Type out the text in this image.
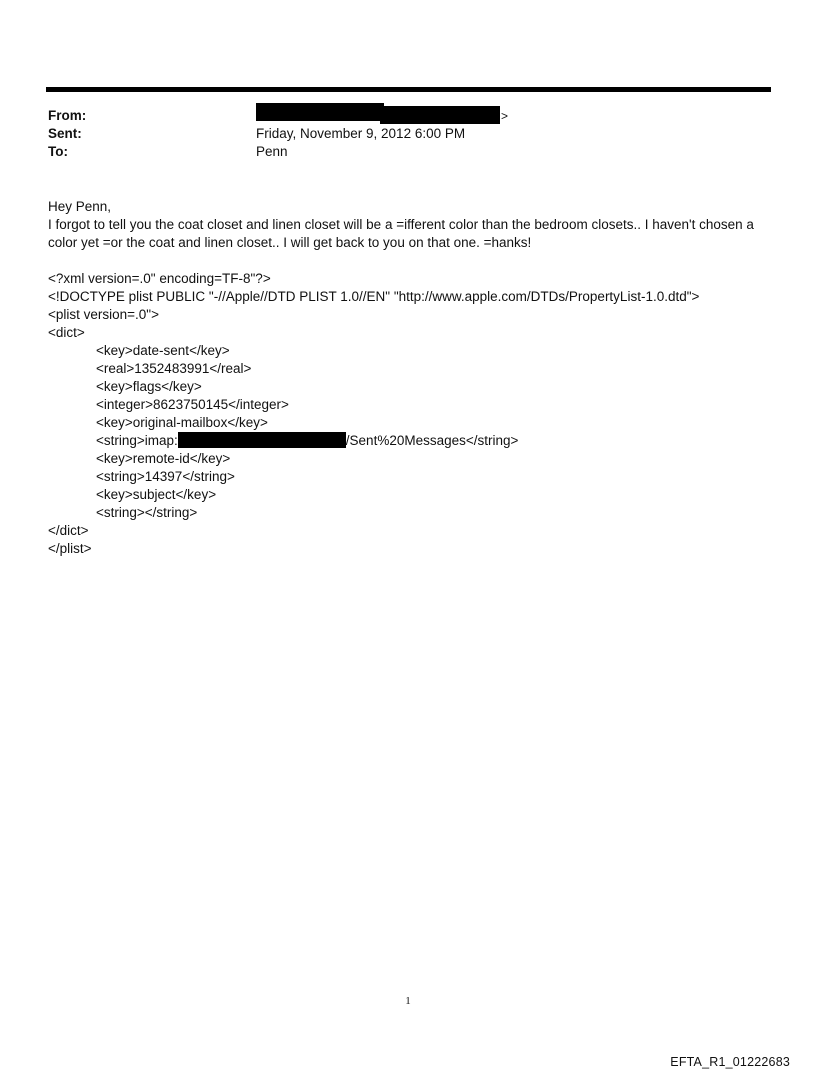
From:	>
Sent:	Friday, November 9, 2012 6:00 PM
To:	Penn

Hey Penn,

I forgot to tell you the coat closet and linen closet will be a =ifferent color than the bedroom closets.. I haven't chosen a color yet =or the coat and linen closet.. I will get back to you on that one. =hanks!

<?xml version=.0" encoding=TF-8"?>
<!DOCTYPE plist PUBLIC "-//Apple//DTD PLIST 1.0//EN" "http://www.apple.com/DTDs/PropertyList-1.0.dtd">
<plist version=.0">
<dict>
<key>date-sent</key>
<real>1352483991</real>
<key>flags</key>
<integer>8623750145</integer>
<key>original-mailbox</key>
<string>imap:	/Sent%20Messages</string>
<key>remote-id</key>
<string>14397</string>
<key>subject</key>
<string></string>
</dict>
</plist>
1
EFTA_R1_01222683
